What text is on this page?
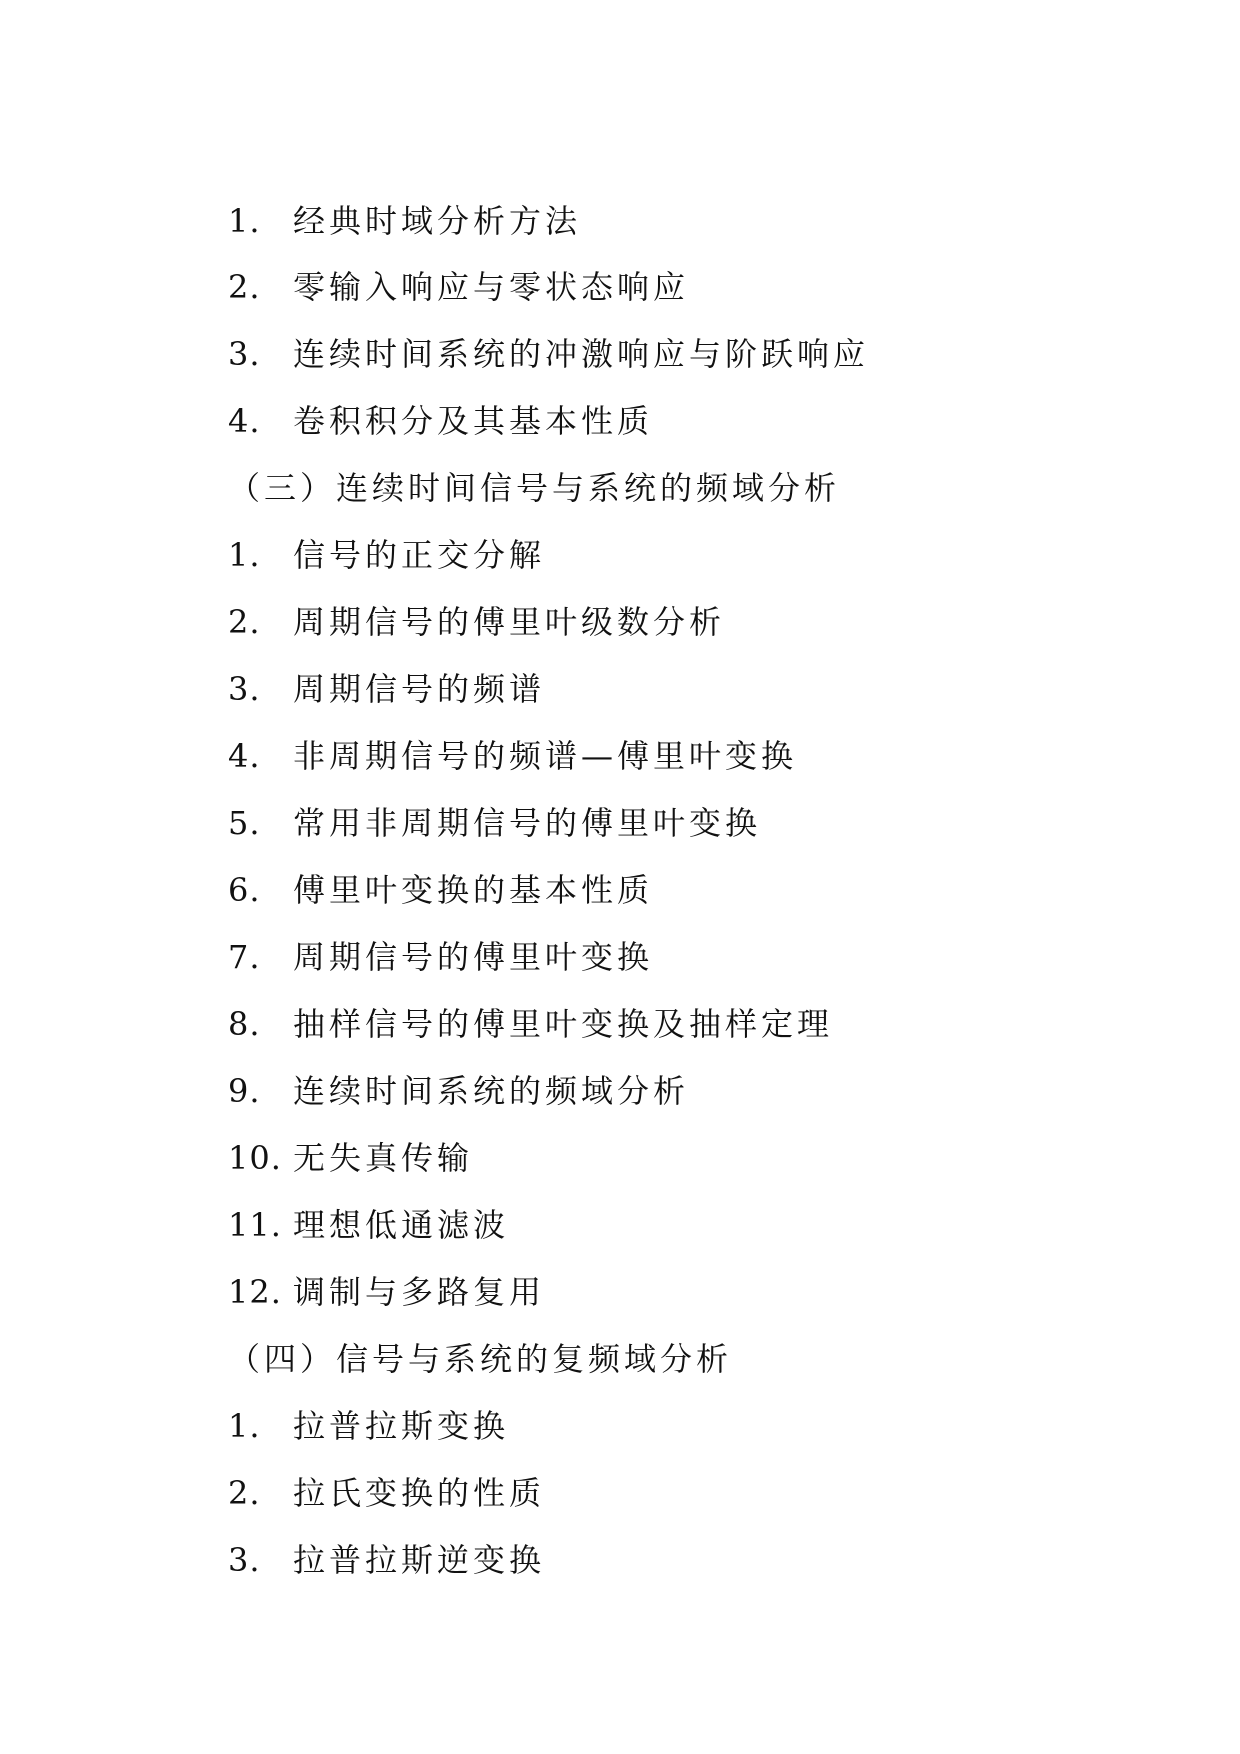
1. 经典时域分析方法
2. 零输入响应与零状态响应
3. 连续时间系统的冲激响应与阶跃响应
4. 卷积积分及其基本性质
（三）连续时间信号与系统的频域分析
1. 信号的正交分解
2. 周期信号的傅里叶级数分析
3. 周期信号的频谱
4. 非周期信号的频谱—傅里叶变换
5. 常用非周期信号的傅里叶变换
6. 傅里叶变换的基本性质
7. 周期信号的傅里叶变换
8. 抽样信号的傅里叶变换及抽样定理
9. 连续时间系统的频域分析
10. 无失真传输
11. 理想低通滤波
12. 调制与多路复用
（四）信号与系统的复频域分析
1. 拉普拉斯变换
2. 拉氏变换的性质
3. 拉普拉斯逆变换
